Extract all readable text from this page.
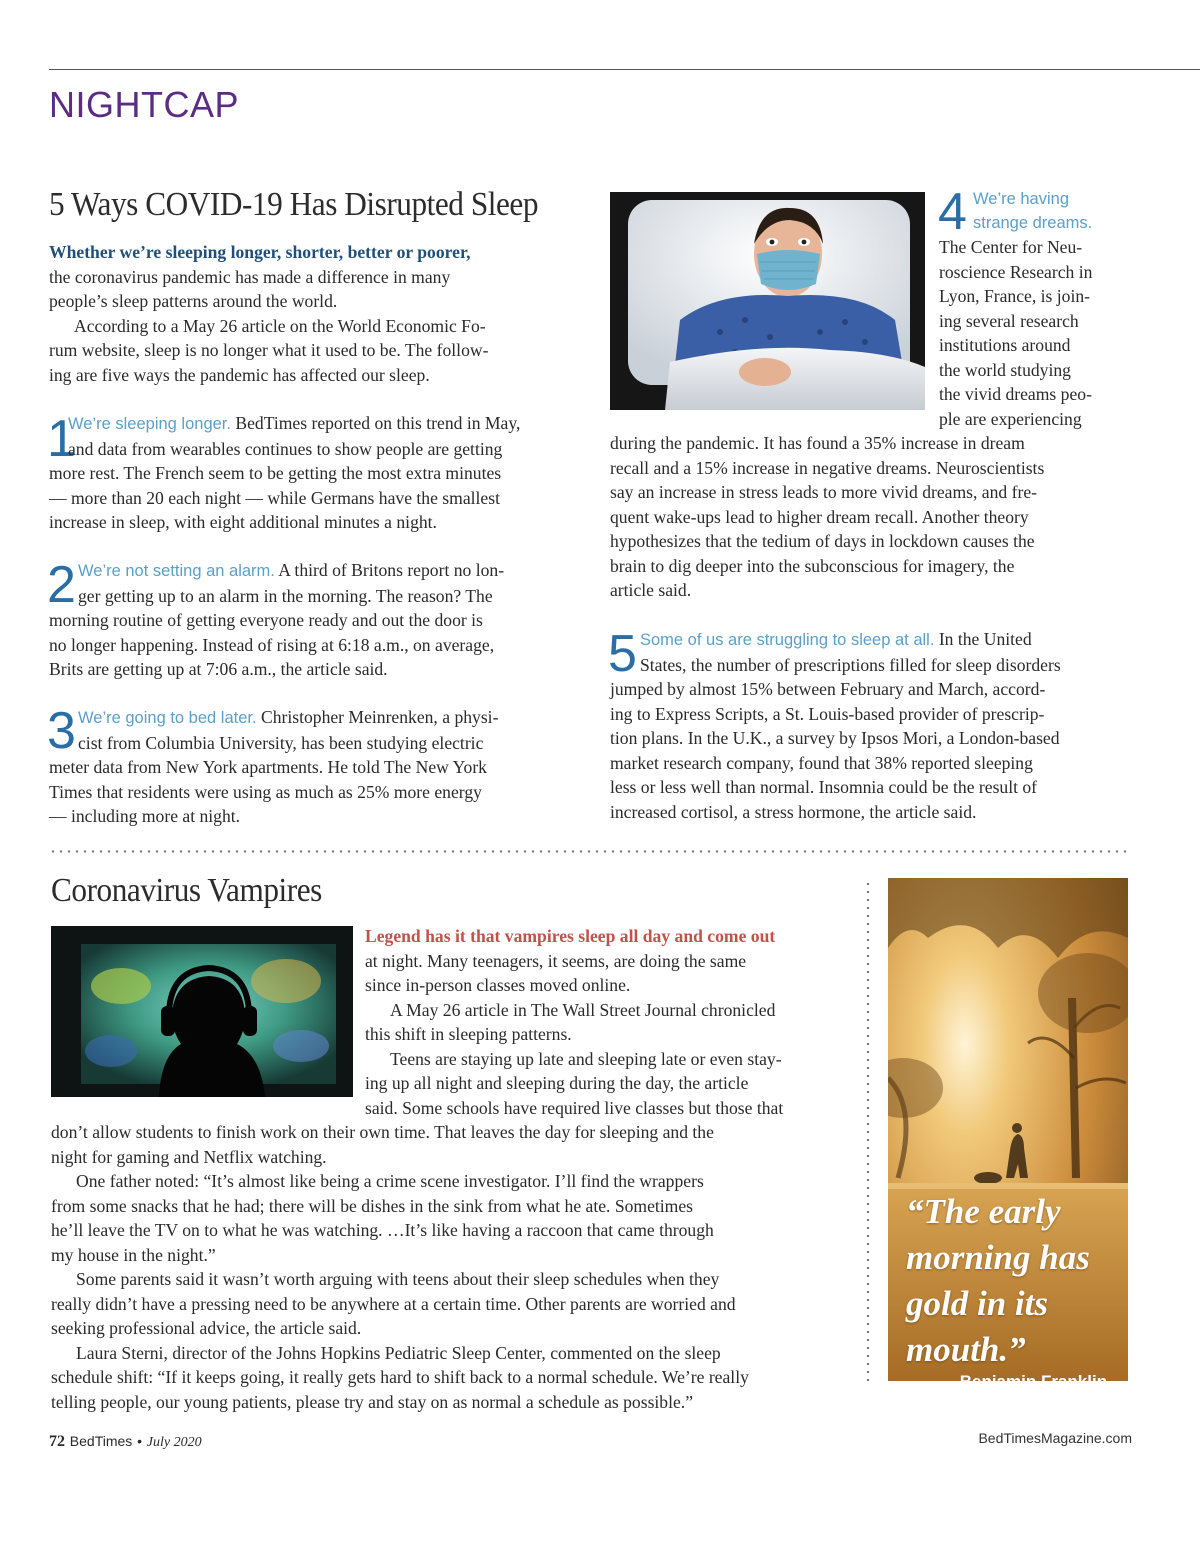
NIGHTCAP
5 Ways COVID-19 Has Disrupted Sleep
Whether we’re sleeping longer, shorter, better or poorer,
the coronavirus pandemic has made a difference in many
people’s sleep patterns around the world.
According to a May 26 article on the World Economic Fo-
rum website, sleep is no longer what it used to be. The follow-
ing are five ways the pandemic has affected our sleep.
1
We’re sleeping longer. BedTimes reported on this trend in May,
and data from wearables continues to show people are getting
more rest. The French seem to be getting the most extra minutes
— more than 20 each night — while Germans have the smallest
increase in sleep, with eight additional minutes a night.
2 We’re not setting an alarm. A third of Britons report no lon-
ger getting up to an alarm in the morning. The reason? The
morning routine of getting everyone ready and out the door is
no longer happening. Instead of rising at 6:18 a.m., on average,
Brits are getting up at 7:06 a.m., the article said.
3 We’re going to bed later. Christopher Meinrenken, a physi-
cist from Columbia University, has been studying electric
meter data from New York apartments. He told The New York
Times that residents were using as much as 25% more energy
— including more at night.
4 We’re having
strange dreams.
The Center for Neu-
roscience Research in
Lyon, France, is join-
ing several research
institutions around
the world studying
the vivid dreams peo-
ple are experiencing
during the pandemic. It has found a 35% increase in dream
recall and a 15% increase in negative dreams. Neuroscientists
say an increase in stress leads to more vivid dreams, and fre-
quent wake-ups lead to higher dream recall. Another theory
hypothesizes that the tedium of days in lockdown causes the
brain to dig deeper into the subconscious for imagery, the
article said.
5 Some of us are struggling to sleep at all. In the United
States, the number of prescriptions filled for sleep disorders
jumped by almost 15% between February and March, accord-
ing to Express Scripts, a St. Louis-based provider of prescrip-
tion plans. In the U.K., a survey by Ipsos Mori, a London-based
market research company, found that 38% reported sleeping
less or less well than normal. Insomnia could be the result of
increased cortisol, a stress hormone, the article said.
Coronavirus Vampires
Legend has it that vampires sleep all day and come out
at night. Many teenagers, it seems, are doing the same
since in-person classes moved online.
A May 26 article in The Wall Street Journal chronicled
this shift in sleeping patterns.
Teens are staying up late and sleeping late or even stay-
ing up all night and sleeping during the day, the article
said. Some schools have required live classes but those that
don’t allow students to finish work on their own time. That leaves the day for sleeping and the
night for gaming and Netflix watching.
One father noted: “It’s almost like being a crime scene investigator. I’ll find the wrappers
from some snacks that he had; there will be dishes in the sink from what he ate. Sometimes
he’ll leave the TV on to what he was watching. …It’s like having a raccoon that came through
my house in the night.”
Some parents said it wasn’t worth arguing with teens about their sleep schedules when they
really didn’t have a pressing need to be anywhere at a certain time. Other parents are worried and
seeking professional advice, the article said.
Laura Sterni, director of the Johns Hopkins Pediatric Sleep Center, commented on the sleep
schedule shift: “If it keeps going, it really gets hard to shift back to a normal schedule. We’re really
telling people, our young patients, please try and stay on as normal a schedule as possible.”
“The early
morning has
gold in its
mouth.”
— Benjamin Franklin
72 BedTimes • July 2020	BedTimesMagazine.com
